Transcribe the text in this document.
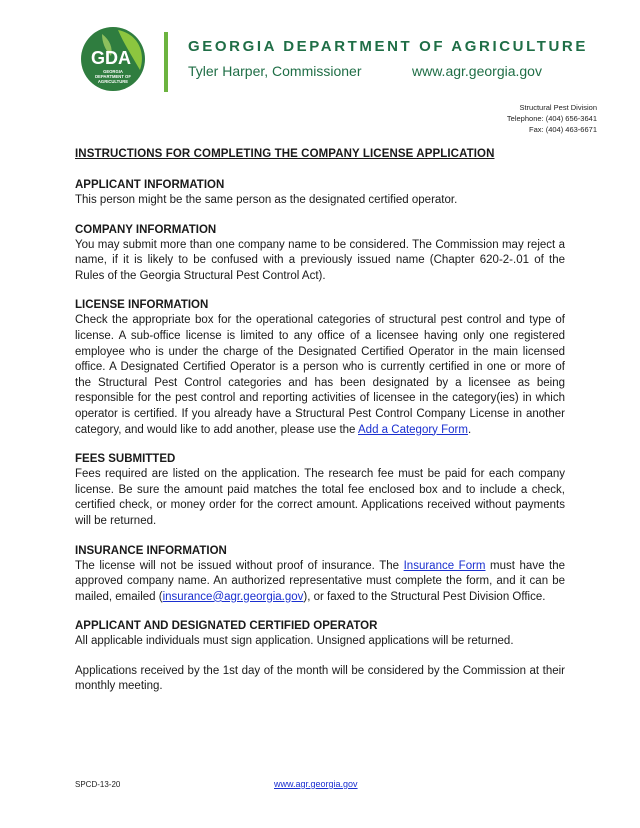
GDA
GEORGIA
DEPARTMENT OF
AGRICULTURE
GEORGIA DEPARTMENT OF AGRICULTURE
Tyler Harper, Commissioner	www.agr.georgia.gov
Structural Pest Division
Telephone: (404) 656-3641
Fax: (404) 463-6671
INSTRUCTIONS FOR COMPLETING THE COMPANY LICENSE APPLICATION
APPLICANT INFORMATION

This person might be the same person as the designated certified operator.

COMPANY INFORMATION

You may submit more than one company name to be considered. The Commission may reject a name, if it is likely to be confused with a previously issued name (Chapter 620-2-.01 of the Rules of the Georgia Structural Pest Control Act).

LICENSE INFORMATION

Check the appropriate box for the operational categories of structural pest control and type of license. A sub-office license is limited to any office of a licensee having only one registered employee who is under the charge of the Designated Certified Operator in the main licensed office. A Designated Certified Operator is a person who is currently certified in one or more of the Structural Pest Control categories and has been designated by a licensee as being responsible for the pest control and reporting activities of licensee in the category(ies) in which operator is certified. If you already have a Structural Pest Control Company License in another category, and would like to add another, please use the Add a Category Form.

FEES SUBMITTED

Fees required are listed on the application. The research fee must be paid for each company license. Be sure the amount paid matches the total fee enclosed box and to include a check, certified check, or money order for the correct amount. Applications received without payments will be returned.

INSURANCE INFORMATION

The license will not be issued without proof of insurance. The Insurance Form must have the approved company name. An authorized representative must complete the form, and it can be mailed, emailed (insurance@agr.georgia.gov), or faxed to the Structural Pest Division Office.

APPLICANT AND DESIGNATED CERTIFIED OPERATOR

All applicable individuals must sign application. Unsigned applications will be returned.

Applications received by the 1st day of the month will be considered by the Commission at their monthly meeting.

SPCD-13-20	www.agr.georgia.gov
